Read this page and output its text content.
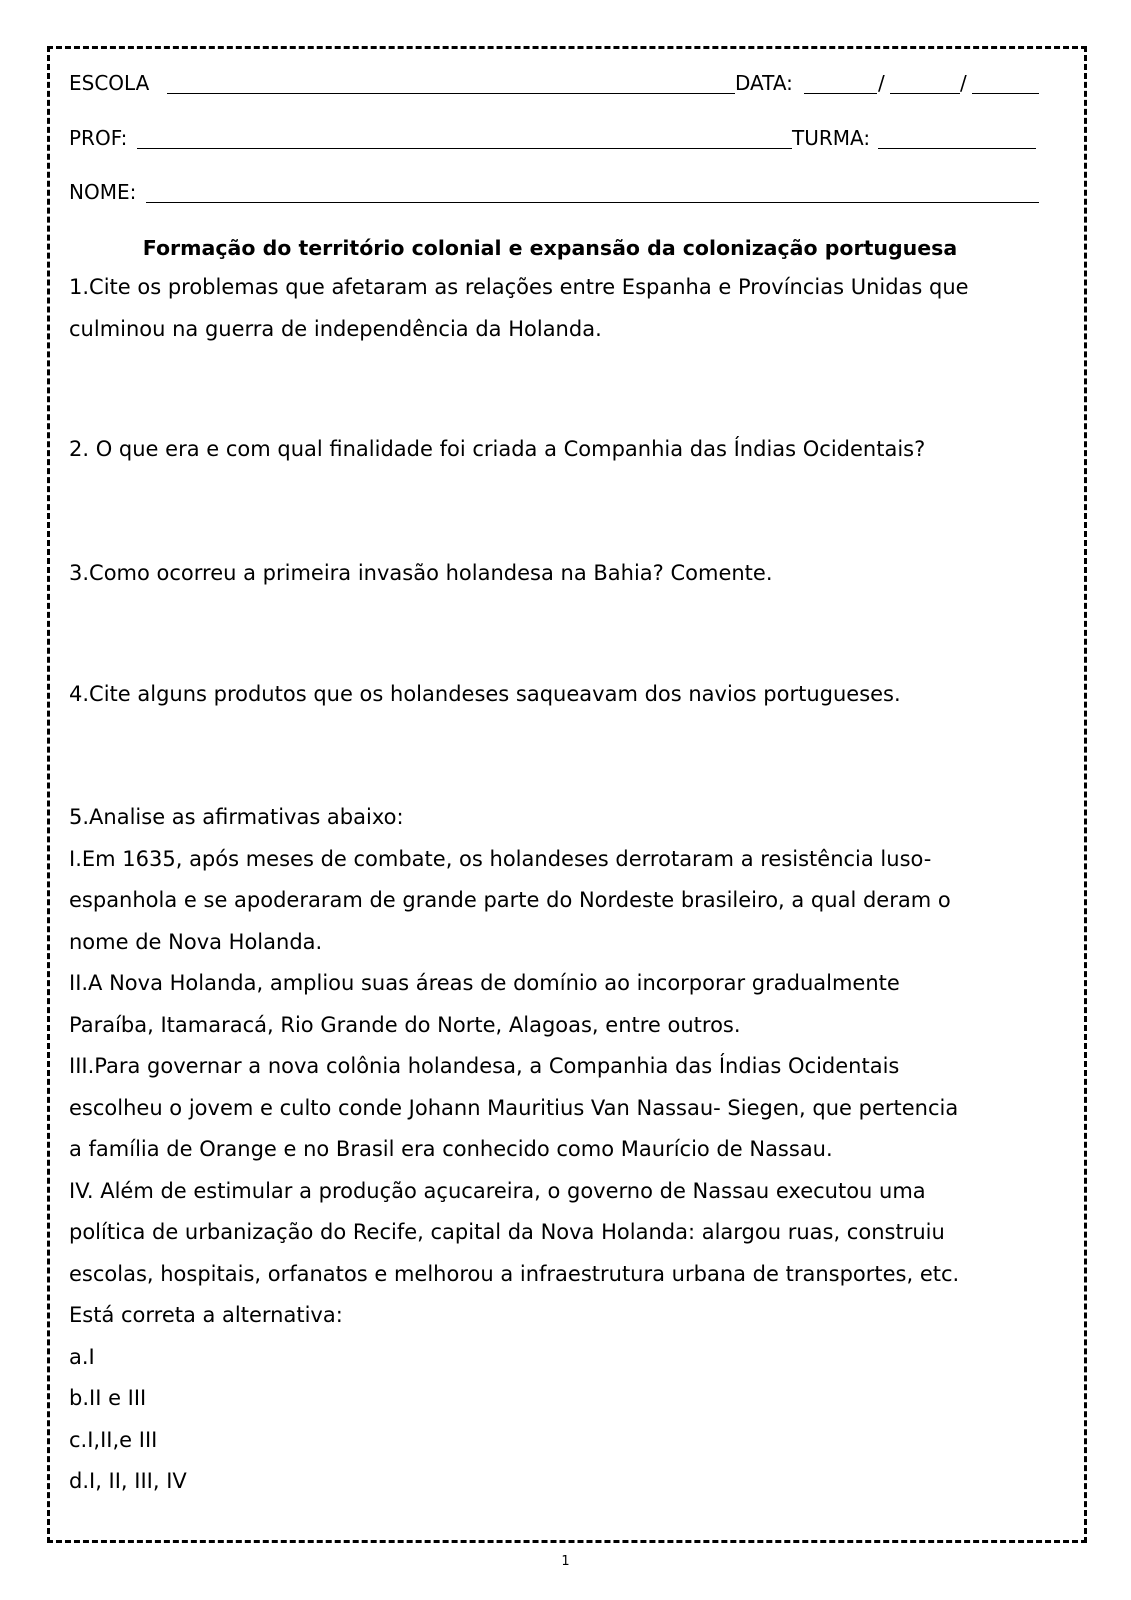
ESCOLA	DATA:	/	/
PROF:	TURMA:
NOME:
Formação do território colonial e expansão da colonização portuguesa

1.Cite os problemas que afetaram as relações entre Espanha e Províncias Unidas que

culminou na guerra de independência da Holanda.

2. O que era e com qual finalidade foi criada a Companhia das Índias Ocidentais?

3.Como ocorreu a primeira invasão holandesa na Bahia? Comente.

4.Cite alguns produtos que os holandeses saqueavam dos navios portugueses.

5.Analise as afirmativas abaixo:

I.Em 1635, após meses de combate, os holandeses derrotaram a resistência luso-

espanhola e se apoderaram de grande parte do Nordeste brasileiro, a qual deram o

nome de Nova Holanda.

II.A Nova Holanda, ampliou suas áreas de domínio ao incorporar gradualmente

Paraíba, Itamaracá, Rio Grande do Norte, Alagoas, entre outros.

III.Para governar a nova colônia holandesa, a Companhia das Índias Ocidentais

escolheu o jovem e culto conde Johann Mauritius Van Nassau- Siegen, que pertencia

a família de Orange e no Brasil era conhecido como Maurício de Nassau.

IV. Além de estimular a produção açucareira, o governo de Nassau executou uma

política de urbanização do Recife, capital da Nova Holanda: alargou ruas, construiu

escolas, hospitais, orfanatos e melhorou a infraestrutura urbana de transportes, etc.

Está correta a alternativa:

a.I

b.II e III

c.I,II,e III

d.I, II, III, IV

1
